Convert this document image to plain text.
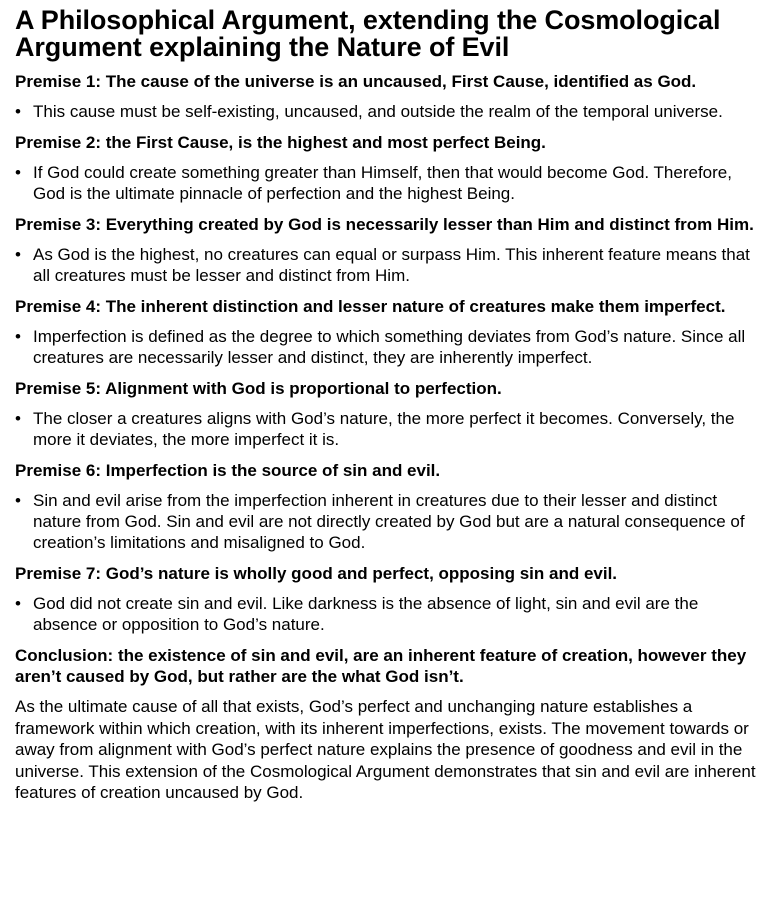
A Philosophical Argument, extending the Cosmological Argument explaining the Nature of Evil
Premise 1: The cause of the universe is an uncaused, First Cause, identified as God.
• This cause must be self-existing, uncaused, and outside the realm of the temporal universe.
Premise 2: the First Cause, is the highest and most perfect Being.
• If God could create something greater than Himself, then that would become God. Therefore, God is the ultimate pinnacle of perfection and the highest Being.
Premise 3: Everything created by God is necessarily lesser than Him and distinct from Him.
• As God is the highest, no creatures can equal or surpass Him. This inherent feature means that all creatures must be lesser and distinct from Him.
Premise 4: The inherent distinction and lesser nature of creatures make them imperfect.
• Imperfection is defined as the degree to which something deviates from God’s nature. Since all creatures are necessarily lesser and distinct, they are inherently imperfect.
Premise 5: Alignment with God is proportional to perfection.
• The closer a creatures aligns with God’s nature, the more perfect it becomes. Conversely, the more it deviates, the more imperfect it is.
Premise 6: Imperfection is the source of sin and evil.
• Sin and evil arise from the imperfection inherent in creatures due to their lesser and distinct nature from God. Sin and evil are not directly created by God but are a natural consequence of creation’s limitations and misaligned to God.
Premise 7: God’s nature is wholly good and perfect, opposing sin and evil.
• God did not create sin and evil. Like darkness is the absence of light, sin and evil are the absence or opposition to God’s nature.
Conclusion: the existence of sin and evil, are an inherent feature of creation, however they aren’t caused by God, but rather are the what God isn’t.

As the ultimate cause of all that exists, God’s perfect and unchanging nature establishes a framework within which creation, with its inherent imperfections, exists. The movement towards or away from alignment with God’s perfect nature explains the presence of goodness and evil in the universe. This extension of the Cosmological Argument demonstrates that sin and evil are inherent features of creation uncaused by God.
